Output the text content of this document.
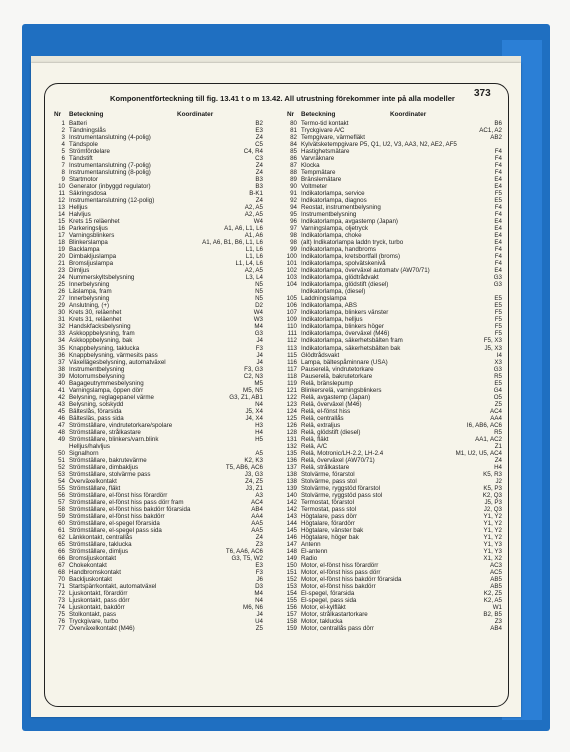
373
Komponentförteckning till fig. 13.41 t o m 13.42. All utrustning förekommer inte på alla modeller
Nr Beteckning	Koordinater
1 Batteri	B2
2 Tändningslås	E3
3 Instrumentanslutning (4-polig)	Z4
4 Tändspole	C5
5 Strömfördelare	C4, R4
6 Tändstift	C3
7 Instrumentanslutning (7-polig)	Z4
8 Instrumentanslutning (8-polig)	Z4
9 Startmotor	B3
10 Generator (inbyggd regulator)	B3
11 Säkringsdosa	B-K1
12 Instrumentanslutning (12-polig)	Z4
13 Helljus	A2, A5
14 Halvljus	A2, A5
15 Krets 15 reläenhet	W4
16 Parkeringsljus	A1, A6, L1, L6
17 Varningsblinkers	A1, A6
18 Blinkerslampa	A1, A6, B1, B6, L1, L6
19 Backlampa	L1, L6
20 Dimbakljuslampa	L1, L6
21 Bromsljuslampa	L1, L4, L6
23 Dimljus	A2, A5
24 Nummerskyltsbelysning	L3, L4
25 Innerbelysning	N5
26 Läslampa, fram	N5
27 Innerbelysning	N5
29 Anslutning, (+)	D2
30 Krets 30, reläenhet	W4
31 Krets 31, reläenhet	W3
32 Handskfacksbelysning	M4
33 Askkoppbelysning, fram	G3
34 Askkoppbelysning, bak	J4
35 Knappbelysning, taklucka	F3
36 Knappbelysning, värmesits pass	J4
37 Växellägesbelysning, automatväxel	J4
38 Instrumentbelysning	F3, G3
39 Motorrumsbelysning	C2, N3
40 Bagageutrymmesbelysning	M5
41 Varningslampa, öppen dörr	M5, N5
42 Belysning, reglagepanel värme	G3, Z1, AB1
43 Belysning, solskydd	N4
45 Bälteslås, förarsida	J5, X4
46 Bältesläs, pass sida	J4, X4
47 Strömställare, vindrutetorkare/spolare	H3
48 Strömställare, strålkastare	H4
49 Strömställare, blinkers/varn.blink	H5
Helljus/halvljus
50 Signalhorn	A5
51 Strömställare, bakrutevärme	K2, K3
52 Strömställare, dimbakljus	T5, AB6, AC6
53 Strömställare, stolvärme pass	J3, G3
54 Överväxelkontakt	Z4, Z5
55 Strömställare, fläkt	J3, Z1
56 Strömställare, el-fönst hiss förardörr	A3
57 Strömställare, el-fönst hiss pass dörr fram	AC4
58 Strömställare, el-fönst hiss bakdörr förarsida	AB4
59 Strömställare, el-fönst hiss bakdörr	AA4
60 Strömställare, el-spegel förarsida	AA5
61 Strömställare, el-spegel pass sida	AA5
62 Länkkontakt, centrallås	Z4
65 Strömställare, taklucka	Z3
66 Strömställare, dimljus	T6, AA6, AC6
66 Bromsljuskontakt	G3, T5, W2
67 Chokekontakt	E3
68 Handbromskontakt	F3
70 Backljuskontakt	J6
71 Startspärrkontakt, automatväxel	D3
72 Ljuskontakt, förardörr	M4
73 Ljuskontakt, pass dörr	N4
74 Ljuskontakt, bakdörr	M6, N6
75 Stolkontakt, pass	J4
76 Tryckgivare, turbo	U4
77 Överväxelkontakt (M46)	Z5
Nr Beteckning	Koordinater
80 Termo-tid kontakt	B6
81 Tryckgivare A/C	AC1, A2
82 Tempgivare, värmefläkt	AB2
84 Kylvätsketempgivare P5, Q1, U2, V3, AA3, N2, AE2, AF5
85 Hastighetsmätare	F4
86 Varvräknare	F4
87 Klocka	F4
88 Tempmätare	F4
89 Bränslemätare	E4
90 Voltmeter	E4
91 Indikatorlampa, service	F5
92 Indikatorlampa, diagnos	E5
94 Reostat, instrumentbelysning	F4
95 Instrumentbelysning	F4
96 Indikatorlampa, avgastemp (Japan)	E4
97 Varningslampa, oljetryck	E4
98 Indikatorlampa, choke	E4
98 (alt) Indikatorlampa laddn tryck, turbo	E4
99 Indikatorlampa, handbroms	F4
100 Indikatorlampa, kretsbortfall (broms)	F4
101 Indikatorlampa, spolvätskenivå	F4
102 Indikatorlampa, överväxel automatv (AW70/71)	E4
103 Indikatorlampa, glödtrådvakt	G3
104 Indikatorlampa, glödstift (diesel)	G3
Indikatorlampa, (diesel)
105 Laddningslampa	E5
106 Indikatorlampa, ABS	E5
107 Indikatorlampa, blinkers vänster	F5
109 Indikatorlampa, helljus	F5
110 Indikatorlampa, blinkers höger	F5
111 Indikatorlampa, överväxel (M46)	F5
112 Indikatorlampa, säkerhetsbälten fram	F5, X3
113 Indikatorlampa, säkerhetsbälten bak	J5, X3
115 Glödtrådsvakt	I4
116 Lampa, bältespåminnare (USA)	X3
117 Pauserelä, vindrutetorkare	G3
118 Pauserelä, bakrutetorkare	R5
119 Relä, bränslepump	E5
121 Blinkersrelä, varningsblinkers	G4
122 Relä, avgastemp (Japan)	O5
123 Relä, överväxel (M46)	Z5
124 Relä, el-fönst hiss	AC4
125 Relä, centrallås	AA4
126 Relä, extraljus	I6, AB6, AC6
128 Relä, glödstift (diesel)	R5
131 Relä, fläkt	AA1, AC2
132 Relä, A/C	Z1
135 Relä, Motronic/LH-2.2, LH-2.4	M1, U2, U5, AC4
136 Relä, överväxel (AW70/71)	Z4
137 Relä, strålkastare	H4
138 Stolvärme, förarstol	K5, R3
138 Stolvärme, pass stol	J2
139 Stolvärme, ryggstöd förarstol	K5, P3
140 Stolvärme, ryggstöd pass stol	K2, Q3
142 Termostat, förarstol	J5, P3
142 Termostat, pass stol	J2, Q3
143 Högtalare, pass dörr	Y1, Y2
144 Högtalare, förardörr	Y1, Y2
145 Högtalare, vänster bak	Y1, Y2
146 Högtalare, höger bak	Y1, Y2
147 Antenn	Y1, Y3
148 El-antenn	Y1, Y3
149 Radio	X1, X2
150 Motor, el-fönst hiss förardörr	AC3
151 Motor, el-fönst hiss pass dörr	AC5
152 Motor, el-fönst hiss bakdörr förarsida	AB5
153 Motor, el-fönst hiss bakdörr	AB5
154 El-spegel, förarsida	K2, Z5
155 El-spegel, pass sida	K2, A5
156 Motor, el-kylfläkt	W1
157 Motor, strålkastartorkare	B2, B5
158 Motor, taklucka	Z3
159 Motor, centrallås pass dörr	AB4
